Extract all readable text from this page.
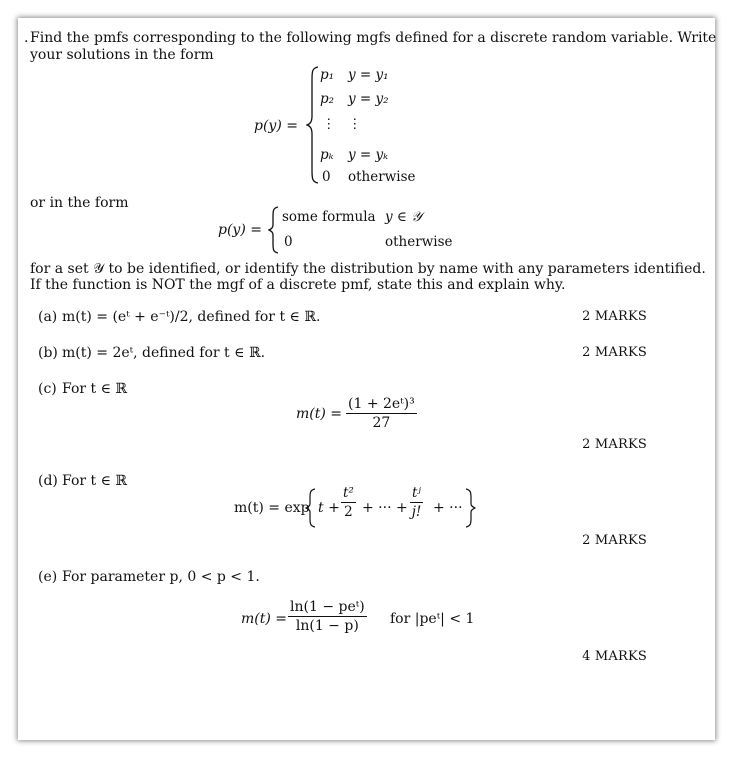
. Find the pmfs corresponding to the following mgfs defined for a discrete random variable. Write
your solutions in the form
p(y) =
p₁ y = y₁
p₂ y = y₂
⋮ ⋮
pₖ y = yₖ
0 otherwise
or in the form
p(y) =
some formula y ∈ 𝒴
0	otherwise
for a set 𝒴 to be identified, or identify the distribution by name with any parameters identified.
If the function is NOT the mgf of a discrete pmf, state this and explain why.
(a) m(t) = (eᵗ + e⁻ᵗ)/2, defined for t ∈ ℝ.	2 MARKS
(b) m(t) = 2eᵗ, defined for t ∈ ℝ.	2 MARKS
(c) For t ∈ ℝ
$m(t) = \frac{\text{(1 + 2eᵗ)³}}{27}$
2 MARKS
(d) For t ∈ ℝ
$m(t) = \exp t + \frac{\text{t²}}{2}$ + ··· + $\frac{\text{tʲ}}{j!}$ + ···
2 MARKS
(e) For parameter p, 0 < p < 1.
$m(t) = \frac{\text{ln(1 − peᵗ)}}{\ln(1 - p)}$ for |peᵗ| < 1
4 MARKS
